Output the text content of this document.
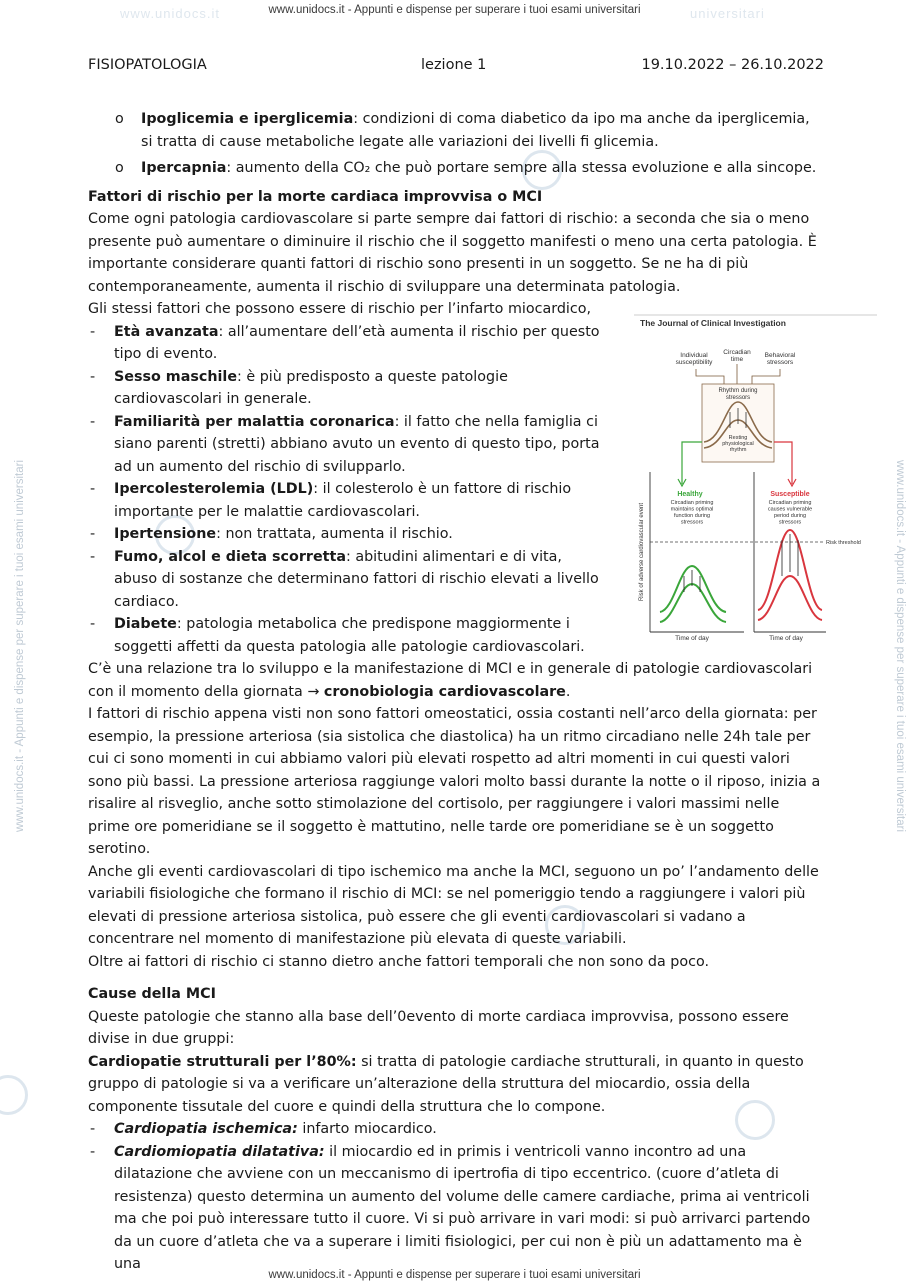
www.unidocs.it - Appunti e dispense per superare i tuoi esami universitari
www.unidocs.it - Appunti e dispense per superare i tuoi esami universitari
www.unidocs.it	universitari
www.unidocs.it - Appunti e dispense per superare i tuoi esami universitari	www.unidocs.it - Appunti e dispense per superare i tuoi esami universitari
FISIOPATOLOGIA	lezione 1	19.10.2022 – 26.10.2022

o Ipoglicemia e iperglicemia: condizioni di coma diabetico da ipo ma anche da iperglicemia, si tratta di cause metaboliche legate alle variazioni dei livelli fi glicemia.

o Ipercapnia: aumento della CO₂ che può portare sempre alla stessa evoluzione e alla sincope.

Fattori di rischio per la morte cardiaca improvvisa o MCI

Come ogni patologia cardiovascolare si parte sempre dai fattori di rischio: a seconda che sia o meno presente può aumentare o diminuire il rischio che il soggetto manifesti o meno una certa patologia. È importante considerare quanti fattori di rischio sono presenti in un soggetto. Se ne ha di più contemporaneamente, aumenta il rischio di sviluppare una determinata patologia.

Gli stessi fattori che possono essere di rischio per l’infarto miocardico,

- Età avanzata: all’aumentare dell’età aumenta il rischio per questo tipo di evento.

- Sesso maschile: è più predisposto a queste patologie cardiovascolari in generale.

- Familiarità per malattia coronarica: il fatto che nella famiglia ci siano parenti (stretti) abbiano avuto un evento di questo tipo, porta ad un aumento del rischio di svilupparlo.

- Ipercolesterolemia (LDL): il colesterolo è un fattore di rischio importante per le malattie cardiovascolari.

- Ipertensione: non trattata, aumenta il rischio.

- Fumo, alcol e dieta scorretta: abitudini alimentari e di vita, abuso di sostanze che determinano fattori di rischio elevati a livello cardiaco.

- Diabete: patologia metabolica che predispone maggiormente i soggetti affetti da questa patologia alle patologie cardiovascolari.

C’è una relazione tra lo sviluppo e la manifestazione di MCI e in generale di patologie cardiovascolari con il momento della giornata → cronobiologia cardiovascolare.

I fattori di rischio appena visti non sono fattori omeostatici, ossia costanti nell’arco della giornata: per esempio, la pressione arteriosa (sia sistolica che diastolica) ha un ritmo circadiano nelle 24h tale per cui ci sono momenti in cui abbiamo valori più elevati rospetto ad altri momenti in cui questi valori sono più bassi. La pressione arteriosa raggiunge valori molto bassi durante la notte o il riposo, inizia a risalire al risveglio, anche sotto stimolazione del cortisolo, per raggiungere i valori massimi nelle prime ore pomeridiane se il soggetto è mattutino, nelle tarde ore pomeridiane se è un soggetto serotino.

Anche gli eventi cardiovascolari di tipo ischemico ma anche la MCI, seguono un po’ l’andamento delle variabili fisiologiche che formano il rischio di MCI: se nel pomeriggio tendo a raggiungere i valori più elevati di pressione arteriosa sistolica, può essere che gli eventi cardiovascolari si vadano a concentrare nel momento di manifestazione più elevata di queste variabili.

Oltre ai fattori di rischio ci stanno dietro anche fattori temporali che non sono da poco.

Cause della MCI

Queste patologie che stanno alla base dell’0evento di morte cardiaca improvvisa, possono essere divise in due gruppi:

Cardiopatie strutturali per l’80%: si tratta di patologie cardiache strutturali, in quanto in questo gruppo di patologie si va a verificare un’alterazione della struttura del miocardio, ossia della componente tissutale del cuore e quindi della struttura che lo compone.

- Cardiopatia ischemica: infarto miocardico.

- Cardiomiopatia dilatativa: il miocardio ed in primis i ventricoli vanno incontro ad una dilatazione che avviene con un meccanismo di ipertrofia di tipo eccentrico. (cuore d’atleta di resistenza) questo determina un aumento del volume delle camere cardiache, prima ai ventricoli ma che poi può interessare tutto il cuore. Vi si può arrivare in vari modi: si può arrivarci partendo da un cuore d’atleta che va a superare i limiti fisiologici, per cui non è più un adattamento ma è una

The Journal of Clinical Investigation
Individual susceptibility
Circadian time
Behavioral stressors
Rhythm during stressors
Resting physiological rhythm
Risk of adverse cardiovascular event
Time of day	Time of day
Healthy
Circadian priming maintains optimal function during stressors
Susceptible
Circadian priming causes vulnerable period during stressors
Risk threshold
